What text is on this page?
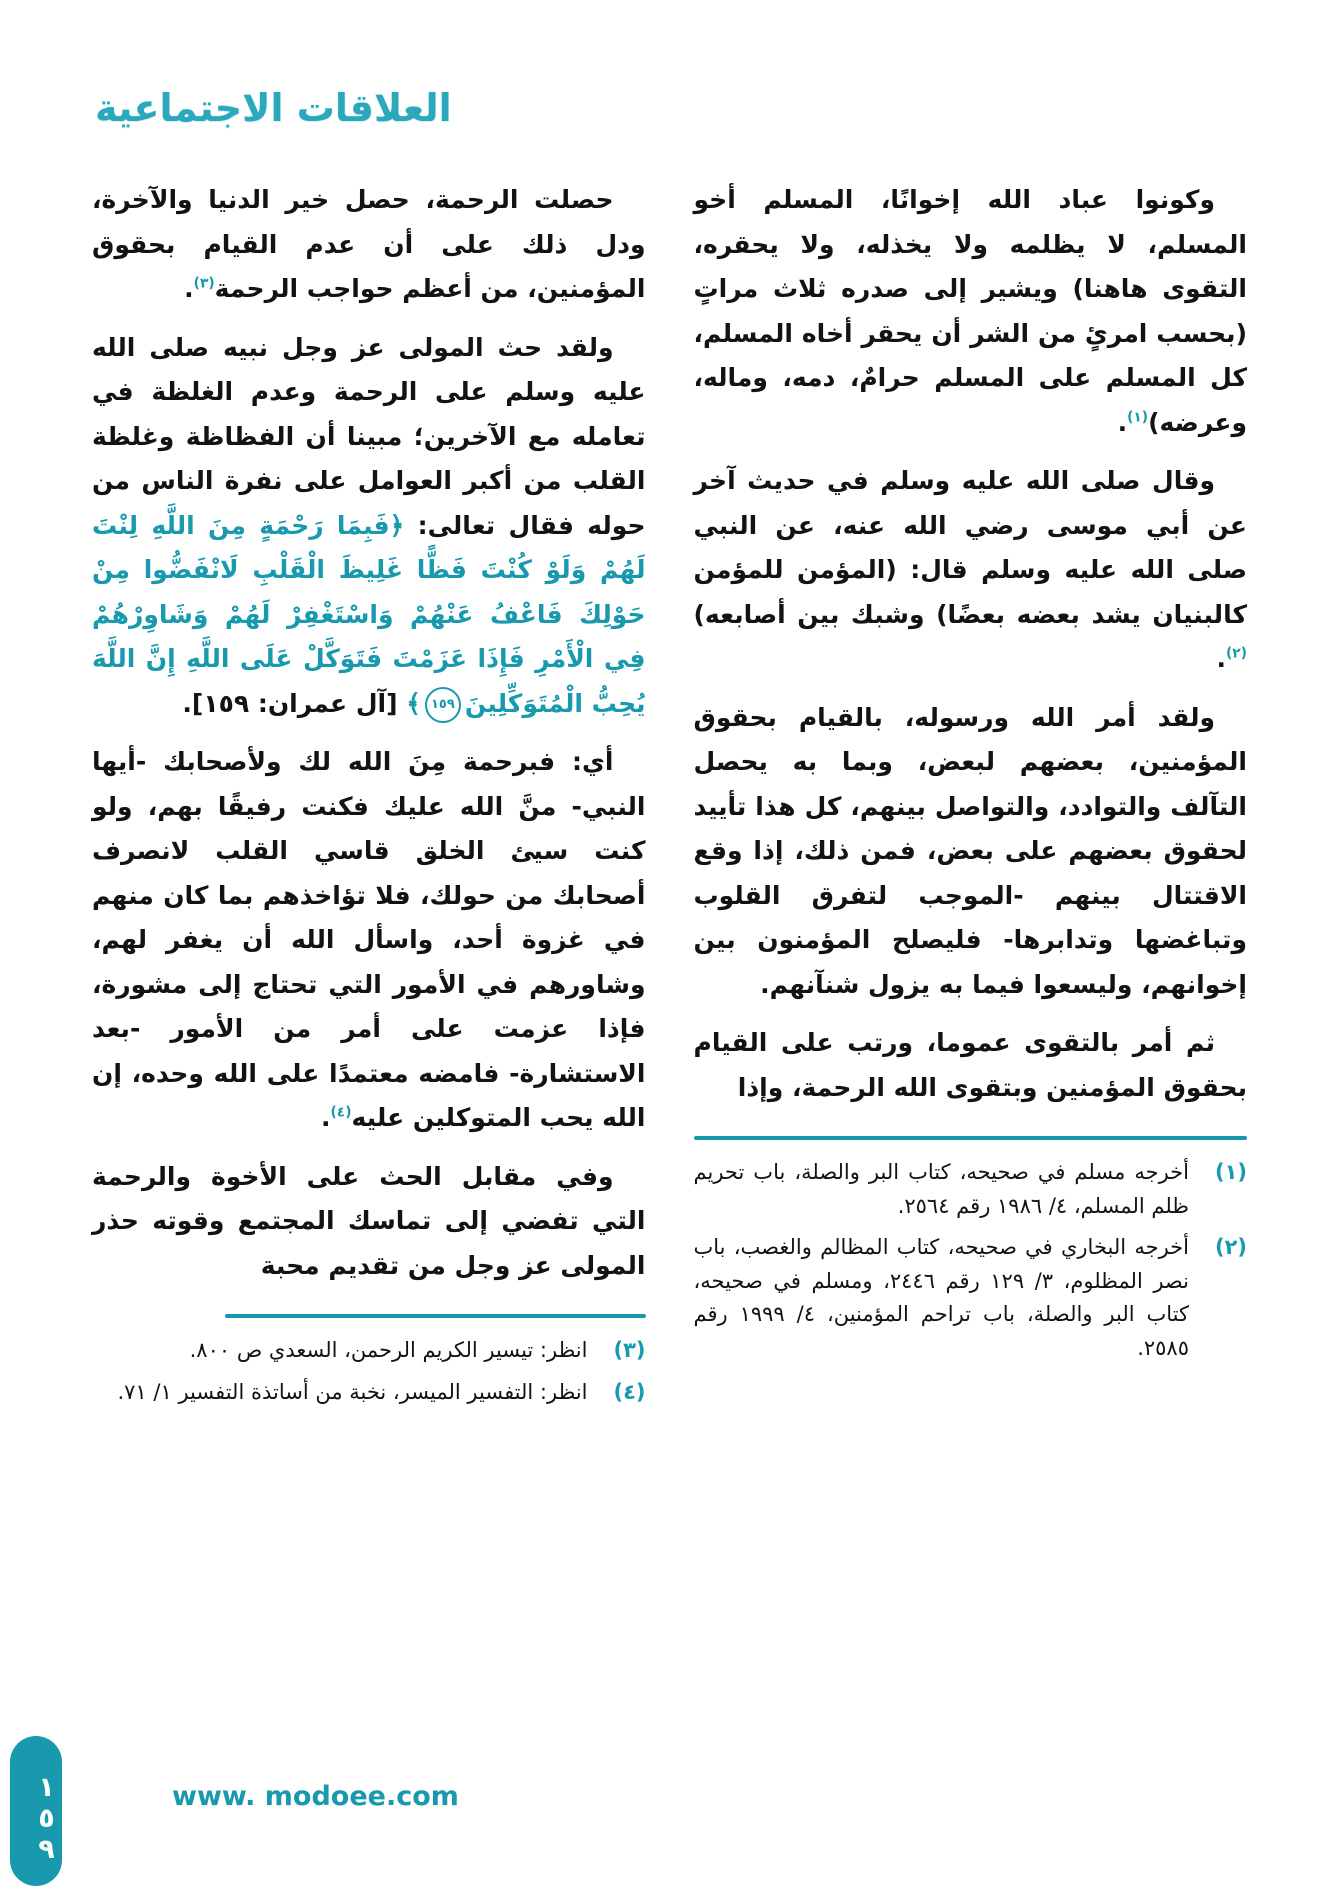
العلاقات الاجتماعية

وكونوا عباد الله إخوانًا، المسلم أخو المسلم، لا يظلمه ولا يخذله، ولا يحقره، التقوى هاهنا) ويشير إلى صدره ثلاث مراتٍ (بحسب امرئٍ من الشر أن يحقر أخاه المسلم، كل المسلم على المسلم حرامٌ، دمه، وماله، وعرضه)$^{(١)}$.

وقال صلى الله عليه وسلم في حديث آخر عن أبي موسى رضي الله عنه، عن النبي صلى الله عليه وسلم قال: (المؤمن للمؤمن كالبنيان يشد بعضه بعضًا) وشبك بين أصابعه)$^{(٢)}$.

ولقد أمر الله ورسوله، بالقيام بحقوق المؤمنين، بعضهم لبعض، وبما به يحصل التآلف والتوادد، والتواصل بينهم، كل هذا تأييد لحقوق بعضهم على بعض، فمن ذلك، إذا وقع الاقتتال بينهم -الموجب لتفرق القلوب وتباغضها وتدابرها- فليصلح المؤمنون بين إخوانهم، وليسعوا فيما به يزول شنآنهم.

ثم أمر بالتقوى عموما، ورتب على القيام بحقوق المؤمنين وبتقوى الله الرحمة، وإذا

(١)
أخرجه مسلم في صحيحه، كتاب البر والصلة، باب تحريم ظلم المسلم، ٤/ ١٩٨٦ رقم ٢٥٦٤.
(٢)
أخرجه البخاري في صحيحه، كتاب المظالم والغصب، باب نصر المظلوم، ٣/ ١٢٩ رقم ٢٤٤٦، ومسلم في صحيحه، كتاب البر والصلة، باب تراحم المؤمنين، ٤/ ١٩٩٩ رقم ٢٥٨٥.

حصلت الرحمة، حصل خير الدنيا والآخرة، ودل ذلك على أن عدم القيام بحقوق المؤمنين، من أعظم حواجب الرحمة$^{(٣)}$.

ولقد حث المولى عز وجل نبيه صلى الله عليه وسلم على الرحمة وعدم الغلظة في تعامله مع الآخرين؛ مبينا أن الفظاظة وغلظة القلب من أكبر العوامل على نفرة الناس من حوله فقال تعالى: ﴿فَبِمَا رَحْمَةٍ مِنَ اللَّهِ لِنْتَ لَهُمْ وَلَوْ كُنْتَ فَظًّا غَلِيظَ الْقَلْبِ لَانْفَضُّوا مِنْ حَوْلِكَ فَاعْفُ عَنْهُمْ وَاسْتَغْفِرْ لَهُمْ وَشَاوِرْهُمْ فِي الْأَمْرِ فَإِذَا عَزَمْتَ فَتَوَكَّلْ عَلَى اللَّهِ إِنَّ اللَّهَ يُحِبُّ الْمُتَوَكِّلِينَ
١٥٩
﴾ [آل عمران: ١٥٩].

أي: فبرحمة مِنَ الله لك ولأصحابك -أيها النبي- منَّ الله عليك فكنت رفيقًا بهم، ولو كنت سيئ الخلق قاسي القلب لانصرف أصحابك من حولك، فلا تؤاخذهم بما كان منهم في غزوة أحد، واسأل الله أن يغفر لهم، وشاورهم في الأمور التي تحتاج إلى مشورة، فإذا عزمت على أمر من الأمور -بعد الاستشارة- فامضه معتمدًا على الله وحده، إن الله يحب المتوكلين عليه$^{(٤)}$.

وفي مقابل الحث على الأخوة والرحمة التي تفضي إلى تماسك المجتمع وقوته حذر المولى عز وجل من تقديم محبة

(٣)
انظر: تيسير الكريم الرحمن، السعدي ص ٨٠٠.
(٤)
انظر: التفسير الميسر، نخبة من أساتذة التفسير ١/ ٧١.
١٥٩	www. modoee.com
